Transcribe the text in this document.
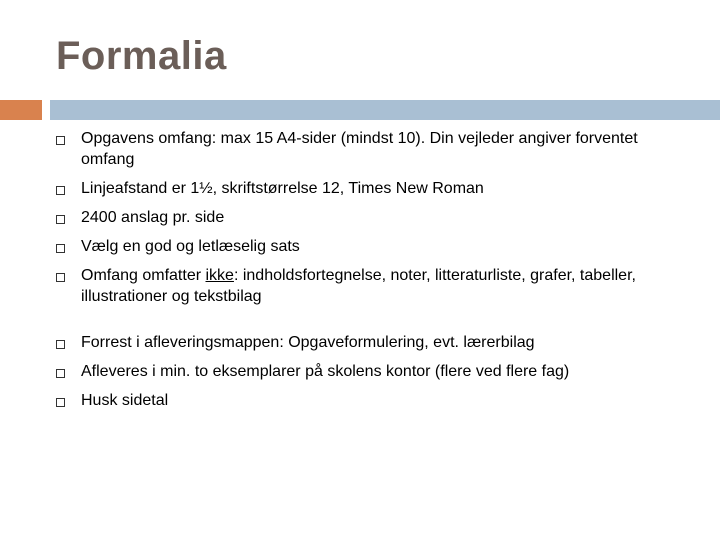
Formalia
Opgavens omfang: max 15 A4-sider (mindst 10). Din vejleder angiver forventet omfang
Linjeafstand er 1½, skriftstørrelse 12, Times New Roman
2400 anslag pr. side
Vælg en god og letlæselig sats
Omfang omfatter ikke: indholdsfortegnelse, noter, litteraturliste, grafer, tabeller, illustrationer og tekstbilag
Forrest i afleveringsmappen: Opgaveformulering, evt. lærerbilag
Afleveres i min. to eksemplarer på skolens kontor (flere ved flere fag)
Husk sidetal
